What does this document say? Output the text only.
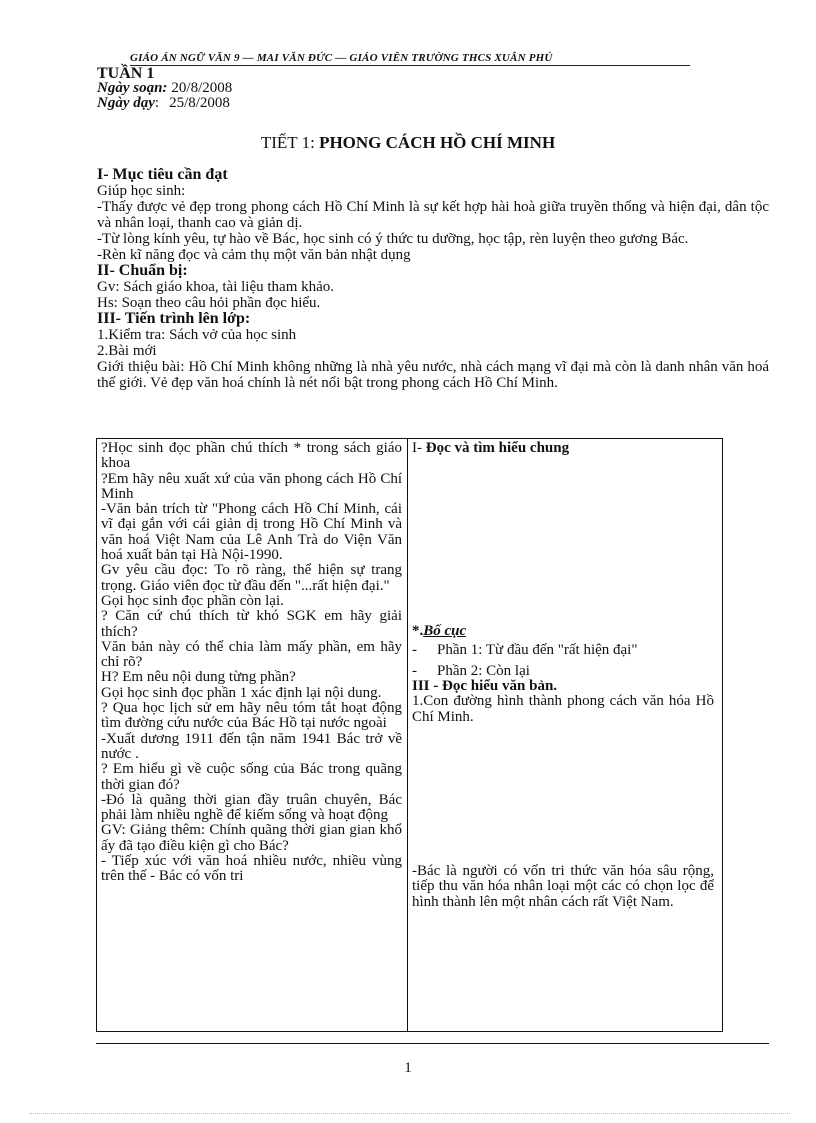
GIÁO ÁN NGỮ VĂN 9 — MAI VĂN ĐỨC — GIÁO VIÊN TRƯỜNG THCS XUÂN PHÚ
TUẦN 1
Ngày soạn: 20/8/2008
Ngày dạy: 25/8/2008
TIẾT 1: PHONG CÁCH HỒ CHÍ MINH

I- Mục tiêu cần đạt

Giúp học sinh:

-Thấy được vẻ đẹp trong phong cách Hồ Chí Minh là sự kết hợp hài hoà giữa truyền thống và hiện đại, dân tộc và nhân loại, thanh cao và giản dị.

-Từ lòng kính yêu, tự hào về Bác, học sinh có ý thức tu dưỡng, học tập, rèn luyện theo gương Bác.

-Rèn kĩ năng đọc và cảm thụ một văn bản nhật dụng

II- Chuẩn bị:

Gv: Sách giáo khoa, tài liệu tham khảo.

Hs: Soạn theo câu hỏi phần đọc hiểu.

III- Tiến trình lên lớp:

1.Kiểm tra: Sách vở của học sinh

2.Bài mới

Giới thiệu bài: Hồ Chí Minh không những là nhà yêu nước, nhà cách mạng vĩ đại mà còn là danh nhân văn hoá thế giới. Vẻ đẹp văn hoá chính là nét nổi bật trong phong cách Hồ Chí Minh.

?Học sinh đọc phần chú thích * trong sách giáo khoa

?Em hãy nêu xuất xứ của văn phong cách Hồ Chí Minh

-Văn bản trích từ "Phong cách Hồ Chí Minh, cái vĩ đại gắn với cái giản dị trong Hồ Chí Minh và văn hoá Việt Nam của Lê Anh Trà do Viện Văn hoá xuất bản tại Hà Nội-1990.

Gv yêu cầu đọc: To rõ ràng, thể hiện sự trang trọng. Giáo viên đọc từ đầu đến "...rất hiện đại."

Gọi học sinh đọc phần còn lại.

? Căn cứ chú thích từ khó SGK em hãy giải thích?

Văn bản này có thể chia làm mấy phần, em hãy chỉ rõ?

H? Em nêu nội dung từng phần?

Gọi học sinh đọc phần 1 xác định lại nội dung.

? Qua học lịch sử em hãy nêu tóm tắt hoạt động tìm đường cứu nước của Bác Hồ tại nước ngoài

-Xuất dương 1911 đến tận năm 1941 Bác trở về nước .

? Em hiểu gì về cuộc sống của Bác trong quãng thời gian đó?

-Đó là quãng thời gian đầy truân chuyên, Bác phải làm nhiều nghề để kiếm sống và hoạt động

GV: Giảng thêm: Chính quãng thời gian gian khổ ấy đã tạo điều kiện gì cho Bác?

- Tiếp xúc với văn hoá nhiều nước, nhiều vùng trên thế - Bác có vốn tri

I- Đọc và tìm hiểu chung

*.Bố cục

- Phần 1: Từ đầu đến "rất hiện đại"

- Phần 2: Còn lại

III - Đọc hiểu văn bản.

1.Con đường hình thành phong cách văn hóa Hồ Chí Minh.

-Bác là người có vốn tri thức văn hóa sâu rộng, tiếp thu văn hóa nhân loại một các có chọn lọc để hình thành lên một nhân cách rất Việt Nam.

1
